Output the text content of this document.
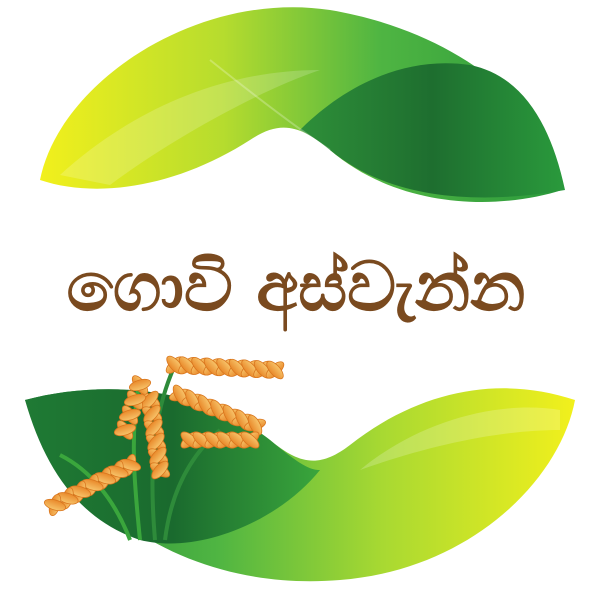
ගොවි අස්වැන්න
